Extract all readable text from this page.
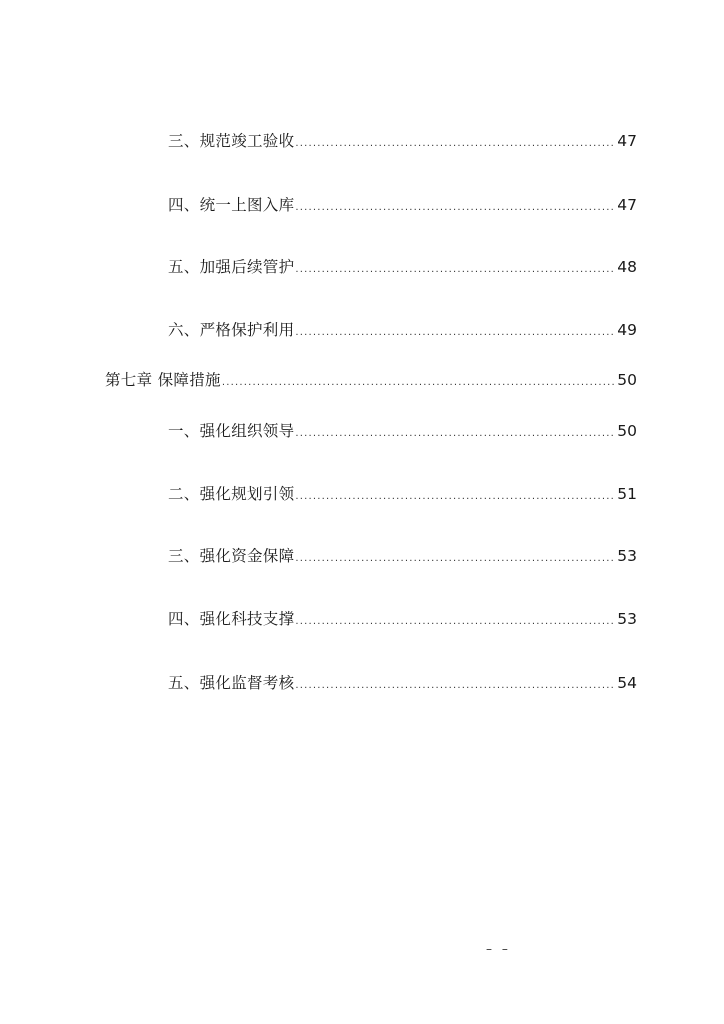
三、规范竣工验收 .....	47
四、统一上图入库 .....	47
五、加强后续管护 .....	48
六、严格保护利用 .....	49
第七章 保障措施 .....	50
一、强化组织领导 .....	50
二、强化规划引领 .....	51
三、强化资金保障 .....	53
四、强化科技支撑 .....	53
五、强化监督考核 .....	54
– –
